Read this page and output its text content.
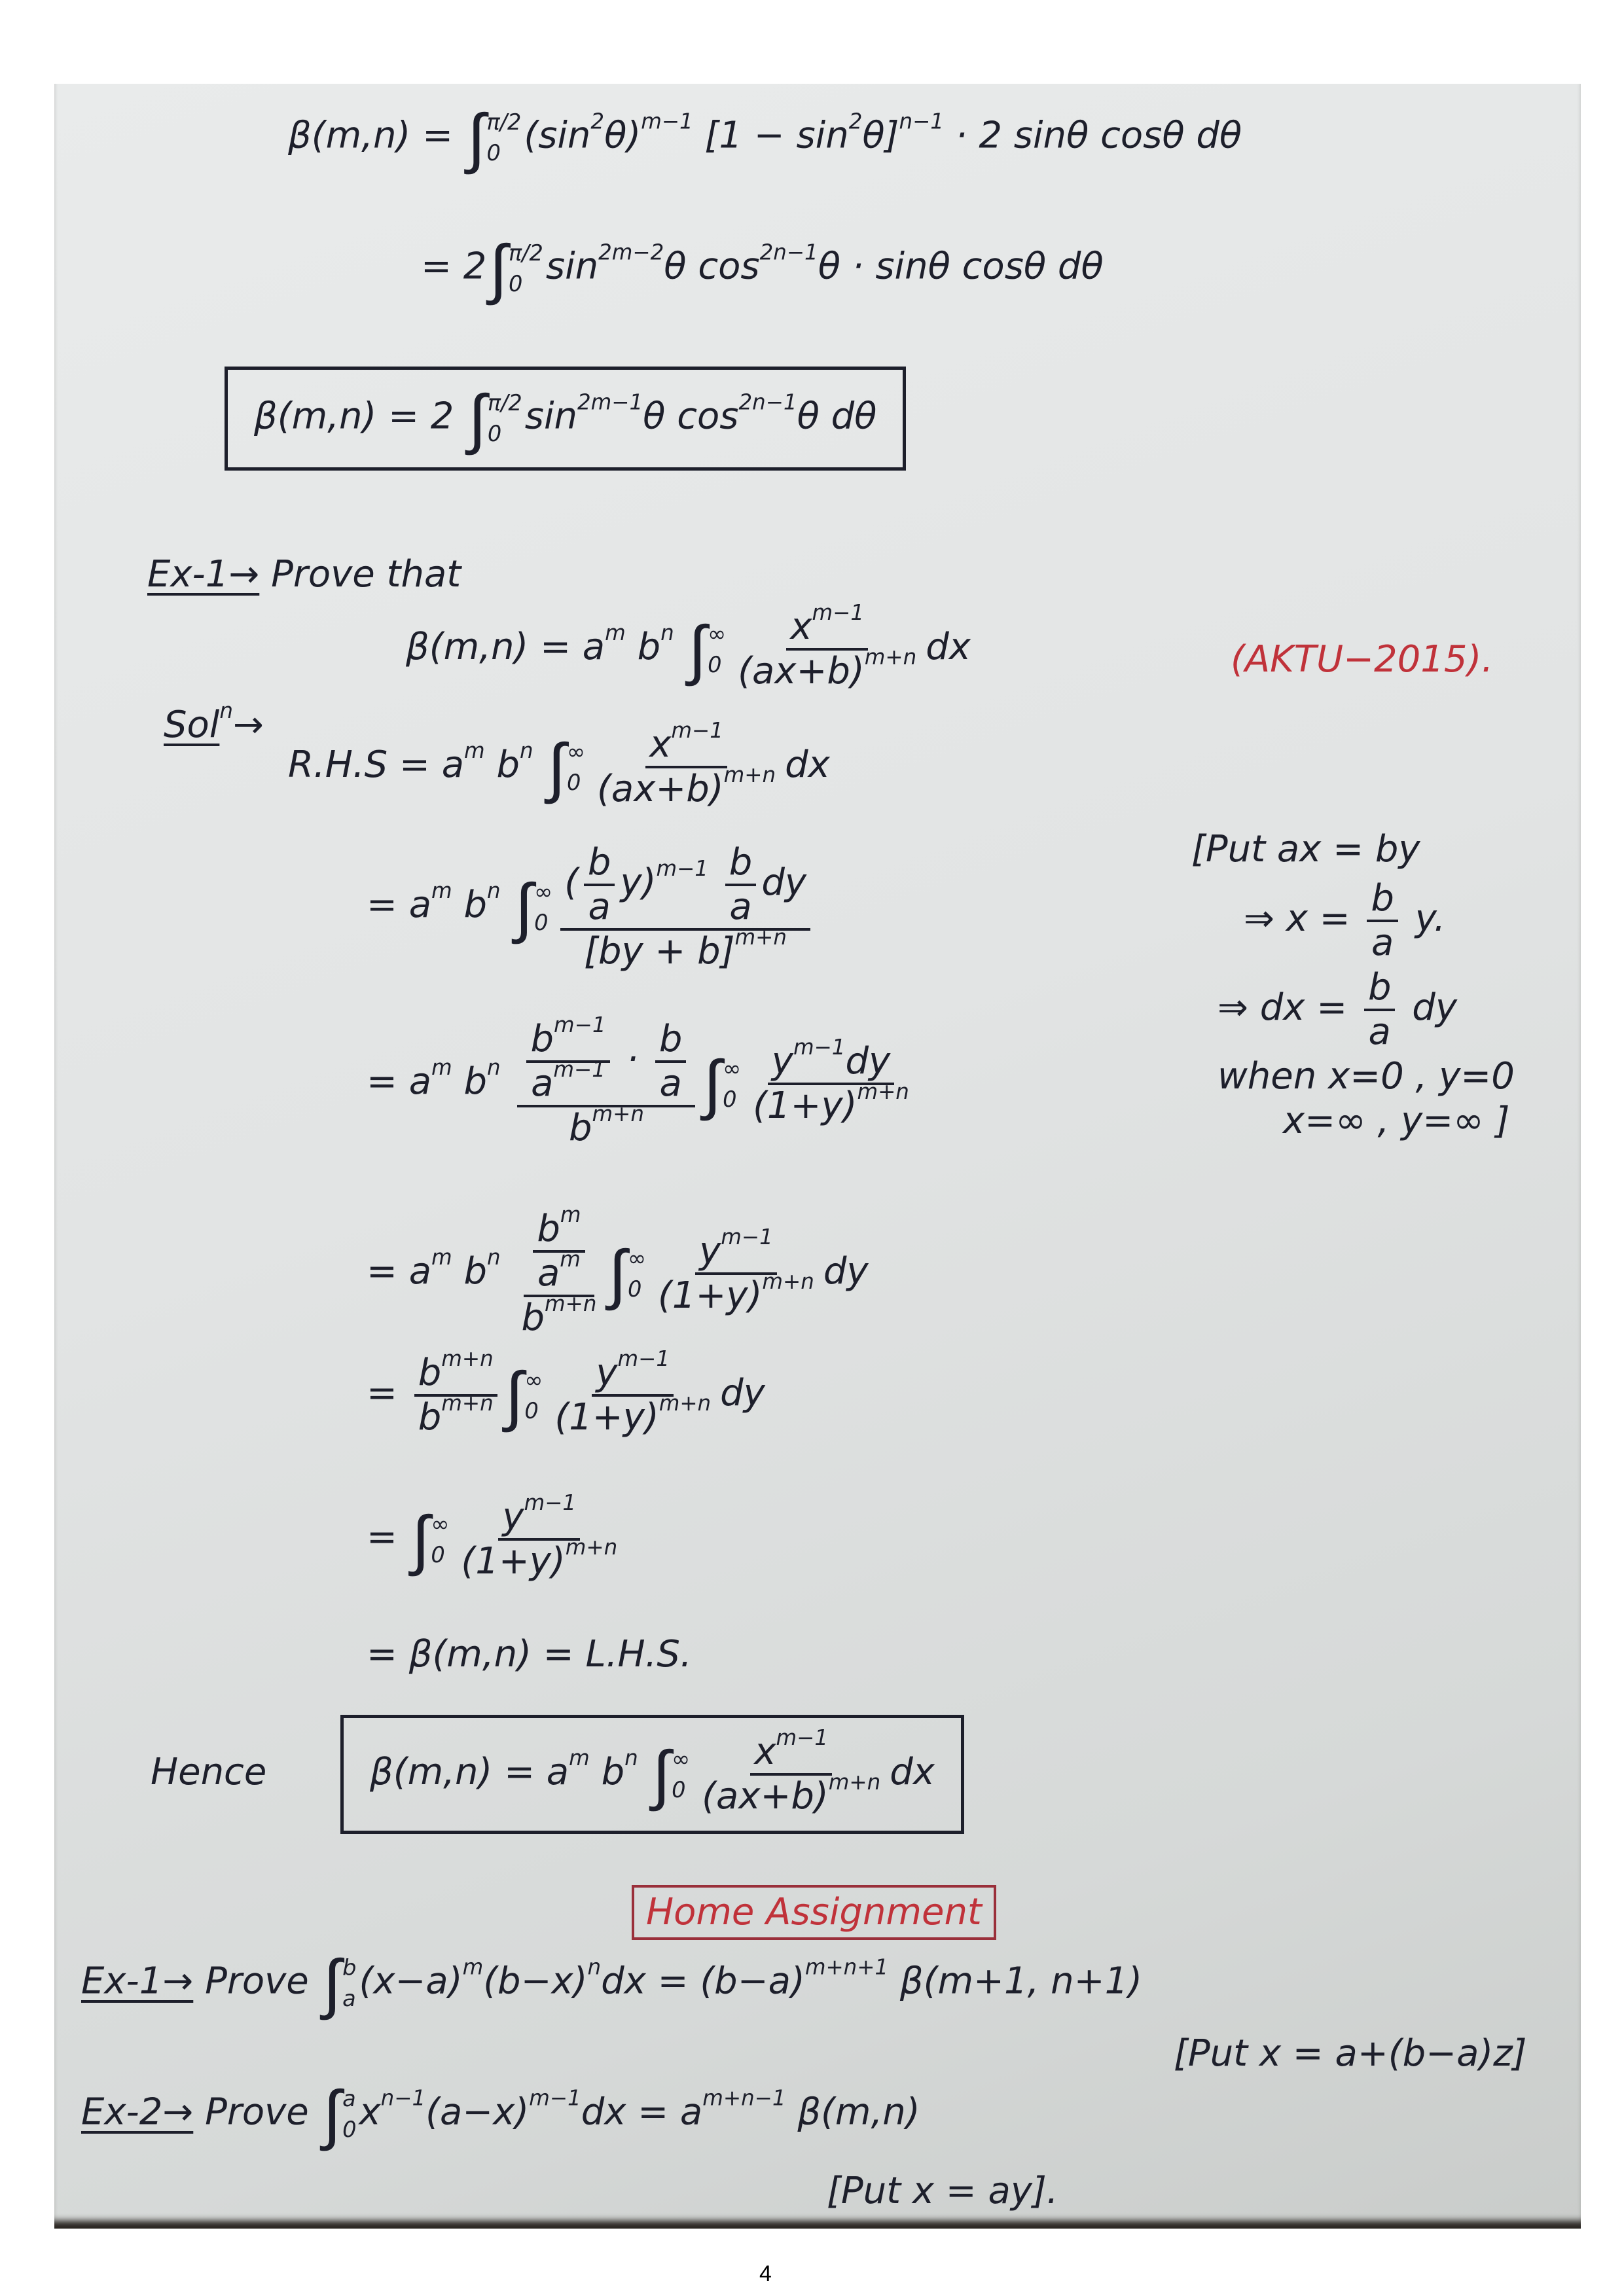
β(m,n) = ∫ π/2
0 $(\sin^2\theta)^{m-1}$ $[1 - \sin^2\theta]^{n-1} \cdot 2$ sinθ cosθ dθ
= 2 ∫ π/2
0 $\sin^{2m-2}\theta$ $\cos^{2n-1}\theta \cdot \sin\theta$ cosθ dθ
β(m,n) = 2 ∫ π/2
0 $\sin^{2m-1}\theta$ $\cos^{2n-1}\theta$ dθ
Ex-1→ Prove that
$\beta(m,n) = a^m$ $b^n$ ∫ ∞
$0 \frac{x^{m-1}}{(ax+b)^{m+n}}$ dx
Sol$^n$→
$R.H.S = a^m$ $b^n$ ∫ ∞
$0 \frac{x^{m-1}}{(ax+b)^{m+n}}$ dx
= $a^m$ $b^n$ ∫ ∞
$0 \frac{( \frac{b}{a} y)^{m-1} \frac{b}{a} dy}{[by + b]^{m+n}}$
= $a^m$ $b^n \frac{\frac{b^{m-1}}{a^{m-1}} \cdot \frac{b}{a}}{b^{m+n}}$ ∫ ∞
$0 \frac{y^{m-1}dy}{(1+y)^{m+n}}$
= $a^m$ $b^n \frac{\frac{b^m}{a^m}}{b^{m+n}}$ ∫ ∞
$0 \frac{y^{m-1}}{(1+y)^{m+n}}$ dy
= $\frac{b^{m+n}}{b^{m+n}}$ ∫ ∞
$0 \frac{y^{m-1}}{(1+y)^{m+n}}$ dy
= ∫ ∞
$0 \frac{y^{m-1}}{(1+y)^{m+n}}$
= β(m,n) = L.H.S.
Hence	$\beta(m,n) = a^m$ $b^n$ ∫ ∞
$0 \frac{x^{m-1}}{(ax+b)^{m+n}}$ dx
(AKTU−2015).
[Put ax = by
⇒ $x = \frac{b}{a} y$.
⇒ dx = $\frac{b}{a}$ dy
when x=0 , y=0
x=∞ , y=∞ ]
Home Assignment
Ex-1→ Prove ∫ b
a $(x-a)^m(b-x)^ndx = (b-a)^{m+n+1}$ β(m+1, n+1)
[Put x = a+(b−a)z]
Ex-2→ Prove ∫ a
0 $x^{n-1}(a-x)^{m-1}dx = a^{m+n-1}$ β(m,n)
[Put x = ay].
4
